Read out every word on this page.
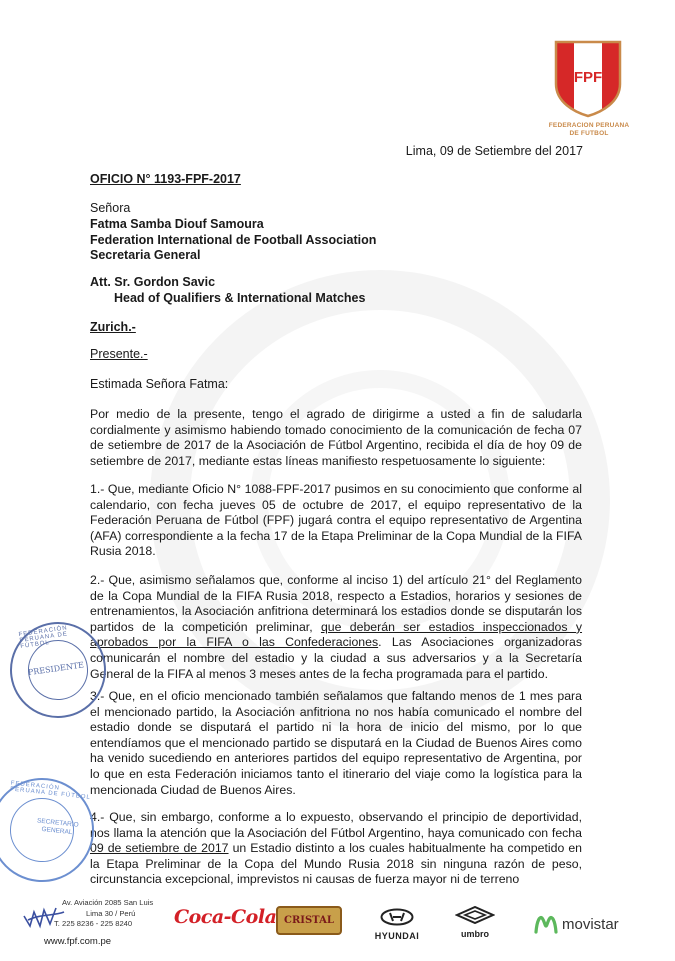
FPF
FEDERACION PERUANA
DE FUTBOL
Lima, 09 de Setiembre del 2017
OFICIO N° 1193-FPF-2017
Señora
Fatma Samba Diouf Samoura
Federation International de Football Association
Secretaria General
Att. Sr. Gordon Savic
Head of Qualifiers & International Matches
Zurich.-
Presente.-
Estimada Señora Fatma:
Por medio de la presente, tengo el agrado de dirigirme a usted a fin de saludarla cordialmente y asimismo habiendo tomado conocimiento de la comunicación de fecha 07 de setiembre de 2017 de la Asociación de Fútbol Argentino, recibida el día de hoy 09 de setiembre de 2017, mediante estas líneas manifiesto respetuosamente lo siguiente:
1.- Que, mediante Oficio N° 1088-FPF-2017 pusimos en su conocimiento que conforme al calendario, con fecha jueves 05 de octubre de 2017, el equipo representativo de la Federación Peruana de Fútbol (FPF) jugará contra el equipo representativo de Argentina (AFA) correspondiente a la fecha 17 de la Etapa Preliminar de la Copa Mundial de la FIFA Rusia 2018.
2.- Que, asimismo señalamos que, conforme al inciso 1) del artículo 21° del Reglamento de la Copa Mundial de la FIFA Rusia 2018, respecto a Estadios, horarios y sesiones de entrenamientos, la Asociación anfitriona determinará los estadios donde se disputarán los partidos de la competición preliminar, que deberán ser estadios inspeccionados y aprobados por la FIFA o las Confederaciones. Las Asociaciones organizadoras comunicarán el nombre del estadio y la ciudad a sus adversarios y a la Secretaría General de la FIFA al menos 3 meses antes de la fecha programada para el partido.
3.- Que, en el oficio mencionado también señalamos que faltando menos de 1 mes para el mencionado partido, la Asociación anfitriona no nos había comunicado el nombre del estadio donde se disputará el partido ni la hora de inicio del mismo, por lo que entendíamos que el mencionado partido se disputará en la Ciudad de Buenos Aires como ha venido sucediendo en anteriores partidos del equipo representativo de Argentina, por lo que en esta Federación iniciamos tanto el itinerario del viaje como la logística para la mencionada Ciudad de Buenos Aires.
4.- Que, sin embargo, conforme a lo expuesto, observando el principio de deportividad, nos llama la atención que la Asociación del Fútbol Argentino, haya comunicado con fecha 09 de setiembre de 2017 un Estadio distinto a los cuales habitualmente ha competido en la Etapa Preliminar de la Copa del Mundo Rusia 2018 sin ninguna razón de peso, circunstancia excepcional, imprevistos ni causas de fuerza mayor ni de terreno
FEDERACIÓN PERUANA DE FÚTBOL
PRESIDENTE
FEDERACIÓN PERUANA DE FÚTBOL
SECRETARIO GENERAL
Av. Aviación 2085 San Luis
Lima 30 / Perú
T. 225 8236 - 225 8240
www.fpf.com.pe
Coca-Cola CRISTAL
HYUNDAI	umbro
movistar
